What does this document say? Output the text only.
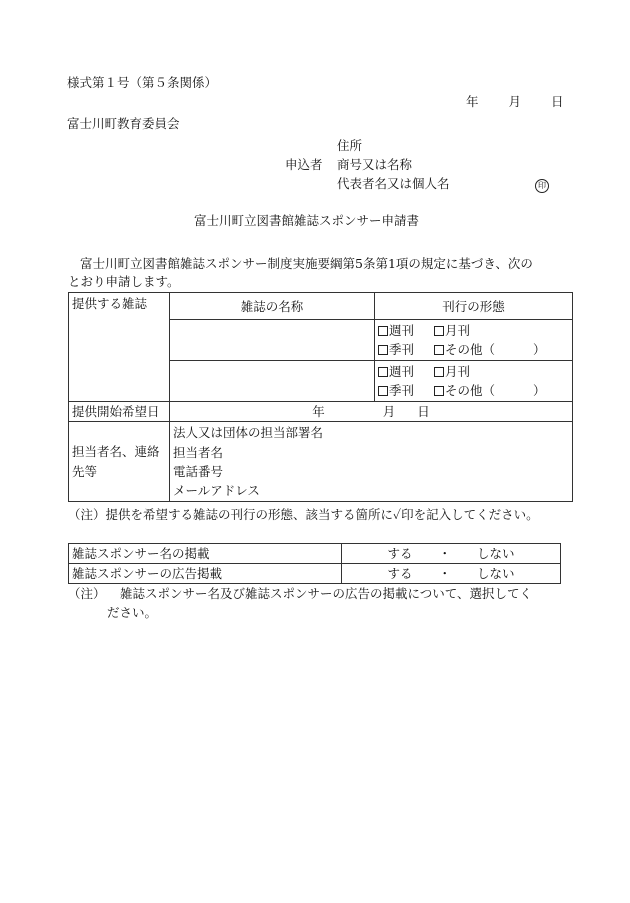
様式第１号（第５条関係）
年 月 日
富士川町教育委員会
住所
申込者 商号又は名称
代表者名又は個人名	印
富士川町立図書館雑誌スポンサー申請書
富士川町立図書館雑誌スポンサー制度実施要綱第5条第1項の規定に基づき、次の
とおり申請します。
提供する雑誌	雑誌の名称	刊行の形態

		週刊 月刊
季刊 その他（ ）

		週刊 月刊
季刊 その他（ ）

提供開始希望日	年 月 日	
担当者名、連絡先等	法人又は団体の担当部署名
担当者名
電話番号
メールアドレス	
（注）提供を希望する雑誌の刊行の形態、該当する箇所に✓印を記入してください。
雑誌スポンサー名の掲載	する ・ しない
雑誌スポンサーの広告掲載	する ・ しない
（注） 雑誌スポンサー名及び雑誌スポンサーの広告の掲載について、選択してく
ださい。
